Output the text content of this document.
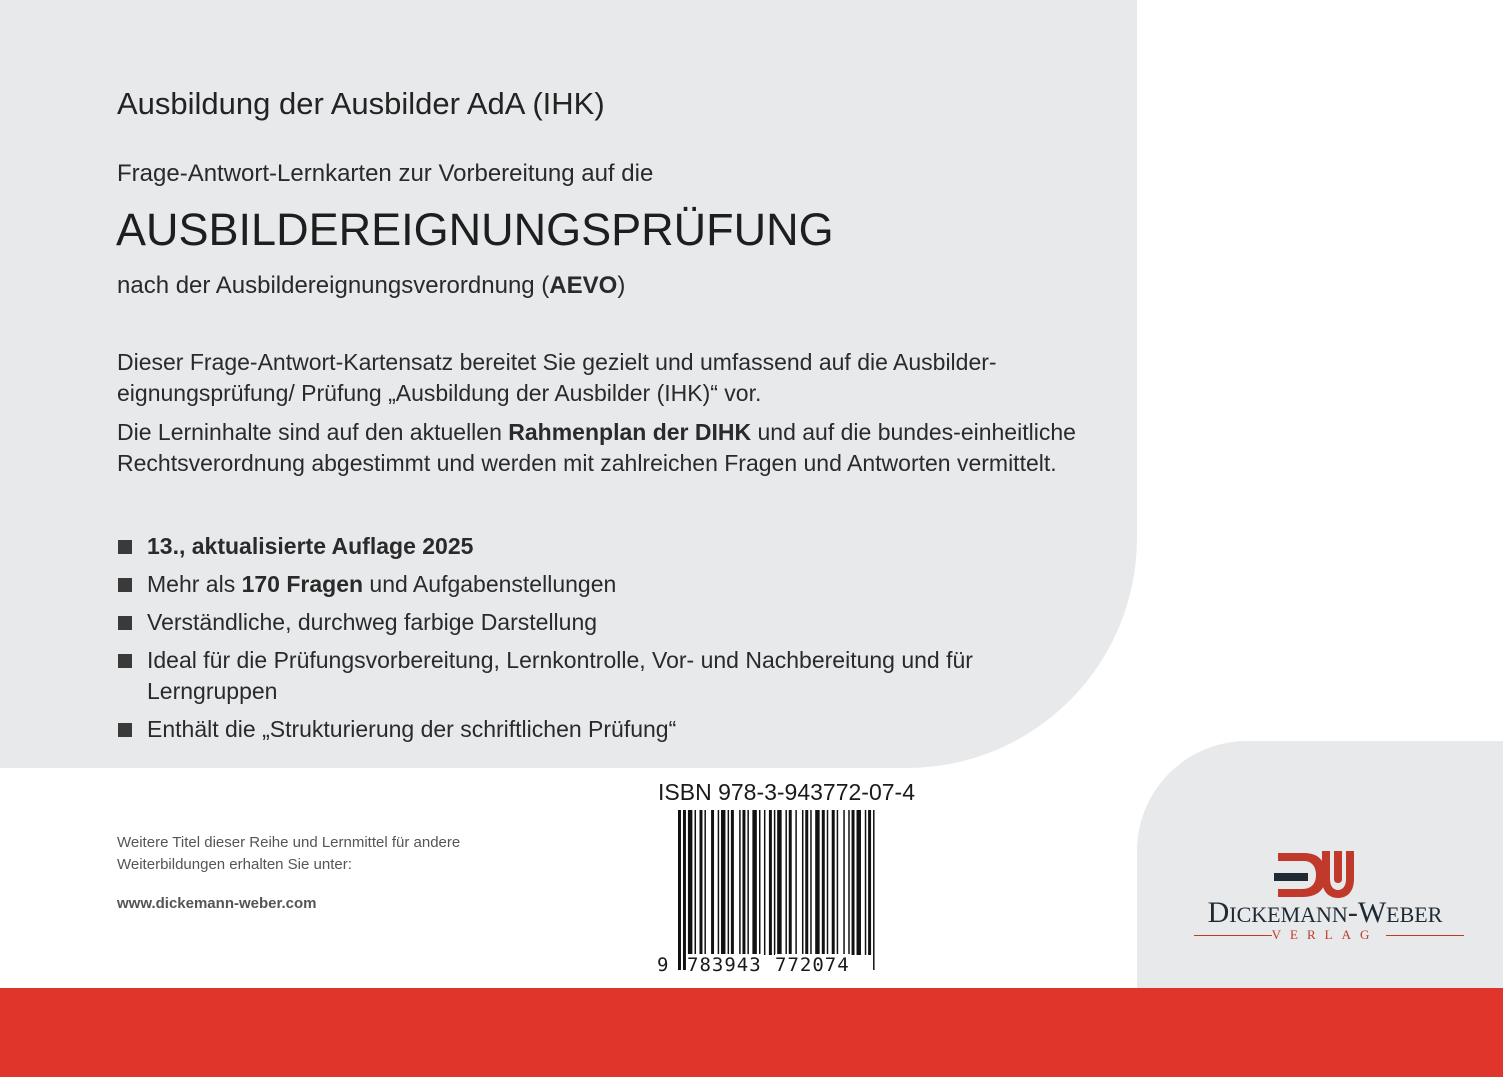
Ausbildung der Ausbilder AdA (IHK)
Frage-Antwort-Lernkarten zur Vorbereitung auf die
AUSBILDEREIGNUNGSPRÜFUNG
nach der Ausbildereignungsverordnung (AEVO)
Dieser Frage-Antwort-Kartensatz bereitet Sie gezielt und umfassend auf die Ausbilder-eignungsprüfung/ Prüfung „Ausbildung der Ausbilder (IHK)“ vor.
Die Lerninhalte sind auf den aktuellen Rahmenplan der DIHK und auf die bundes-einheitliche Rechtsverordnung abgestimmt und werden mit zahlreichen Fragen und Antworten vermittelt.
13., aktualisierte Auflage 2025
Mehr als 170 Fragen und Aufgabenstellungen
Verständliche, durchweg farbige Darstellung
Ideal für die Prüfungsvorbereitung, Lernkontrolle, Vor- und Nachbereitung und für Lerngruppen
Enthält die „Strukturierung der schriftlichen Prüfung“
Weitere Titel dieser Reihe und Lernmittel für andere
Weiterbildungen erhalten Sie unter:
www.dickemann-weber.com
ISBN 978-3-943772-07-4
9 783943 772074
DICKEMANN-WEBER
VERLAG
